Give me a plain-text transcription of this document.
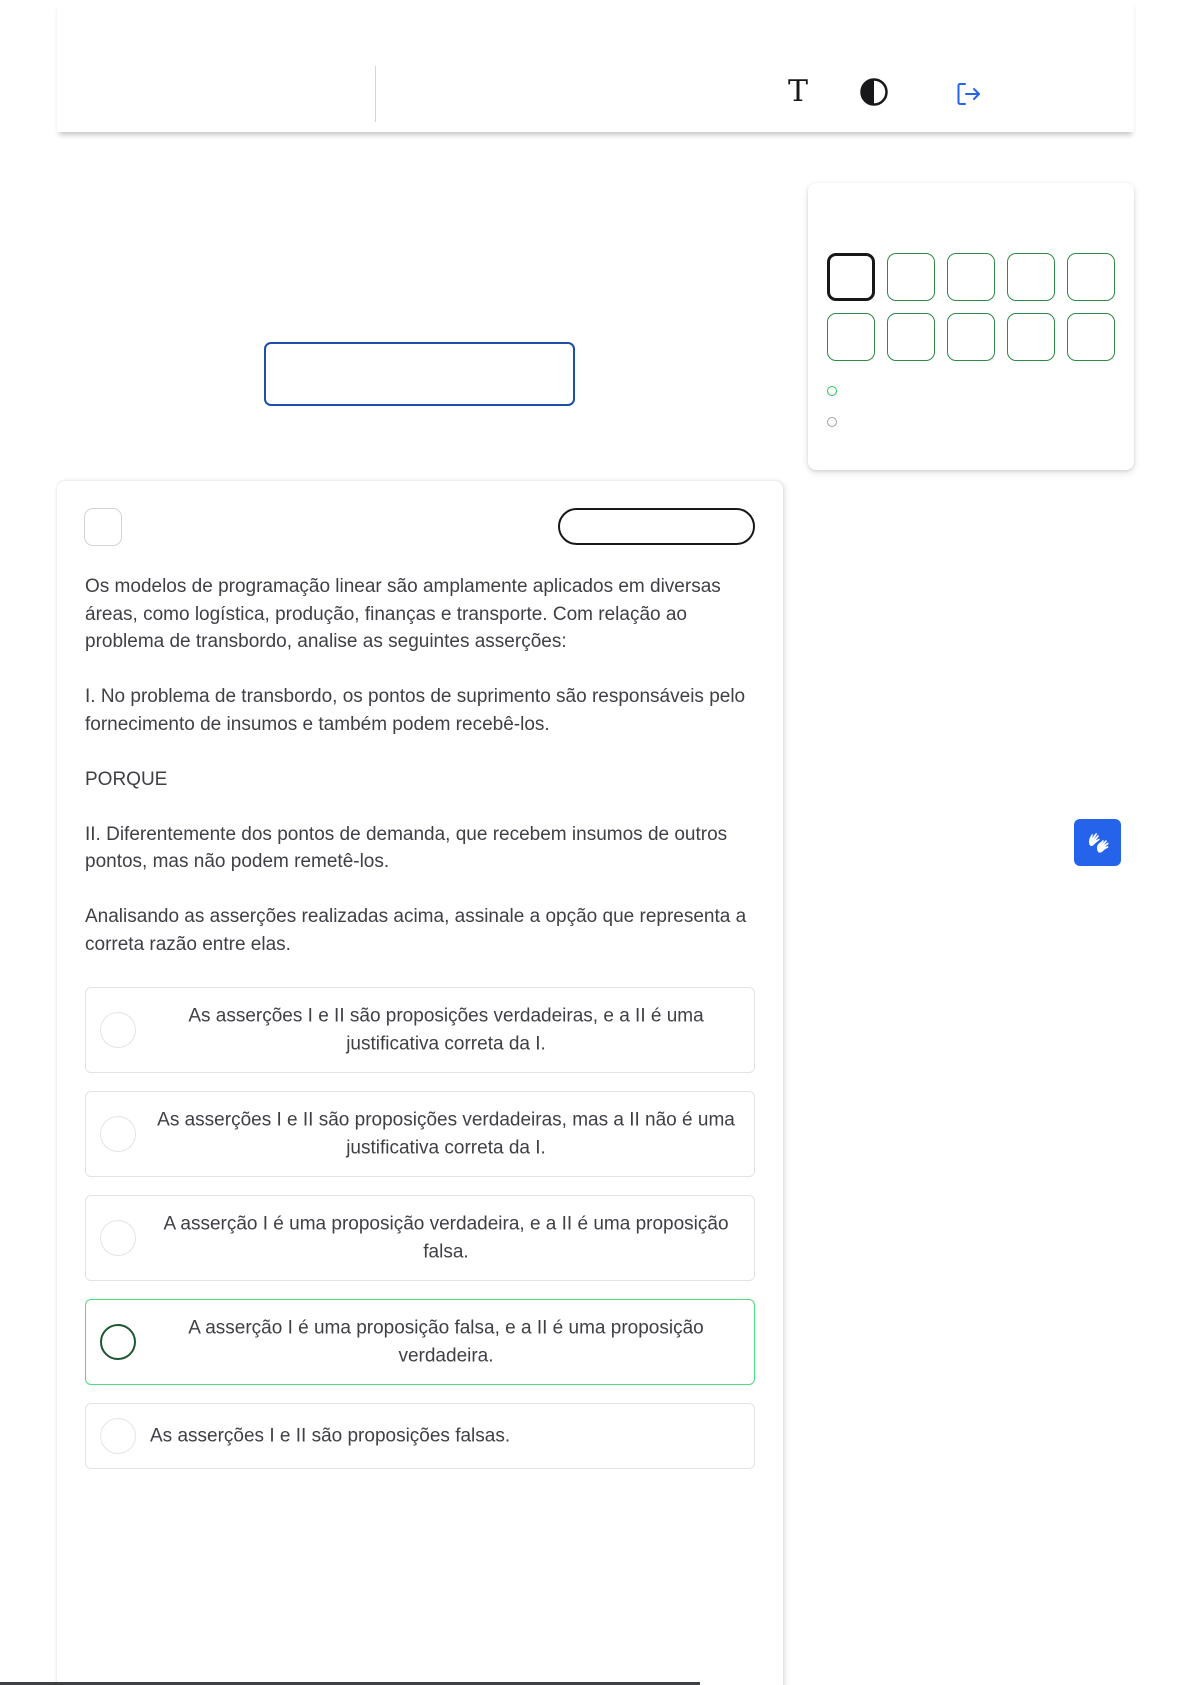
T

Os modelos de programação linear são amplamente aplicados em diversas áreas, como logística, produção, finanças e transporte. Com relação ao problema de transbordo, analise as seguintes asserções:

I. No problema de transbordo, os pontos de suprimento são responsáveis pelo fornecimento de insumos e também podem recebê-los.

PORQUE

II. Diferentemente dos pontos de demanda, que recebem insumos de outros pontos, mas não podem remetê-los.

Analisando as asserções realizadas acima, assinale a opção que representa a correta razão entre elas.

As asserções I e II são proposições verdadeiras, e a II é uma justificativa correta da I.
As asserções I e II são proposições verdadeiras, mas a II não é uma justificativa correta da I.
A asserção I é uma proposição verdadeira, e a II é uma proposição falsa.
A asserção I é uma proposição falsa, e a II é uma proposição verdadeira.
As asserções I e II são proposições falsas.
